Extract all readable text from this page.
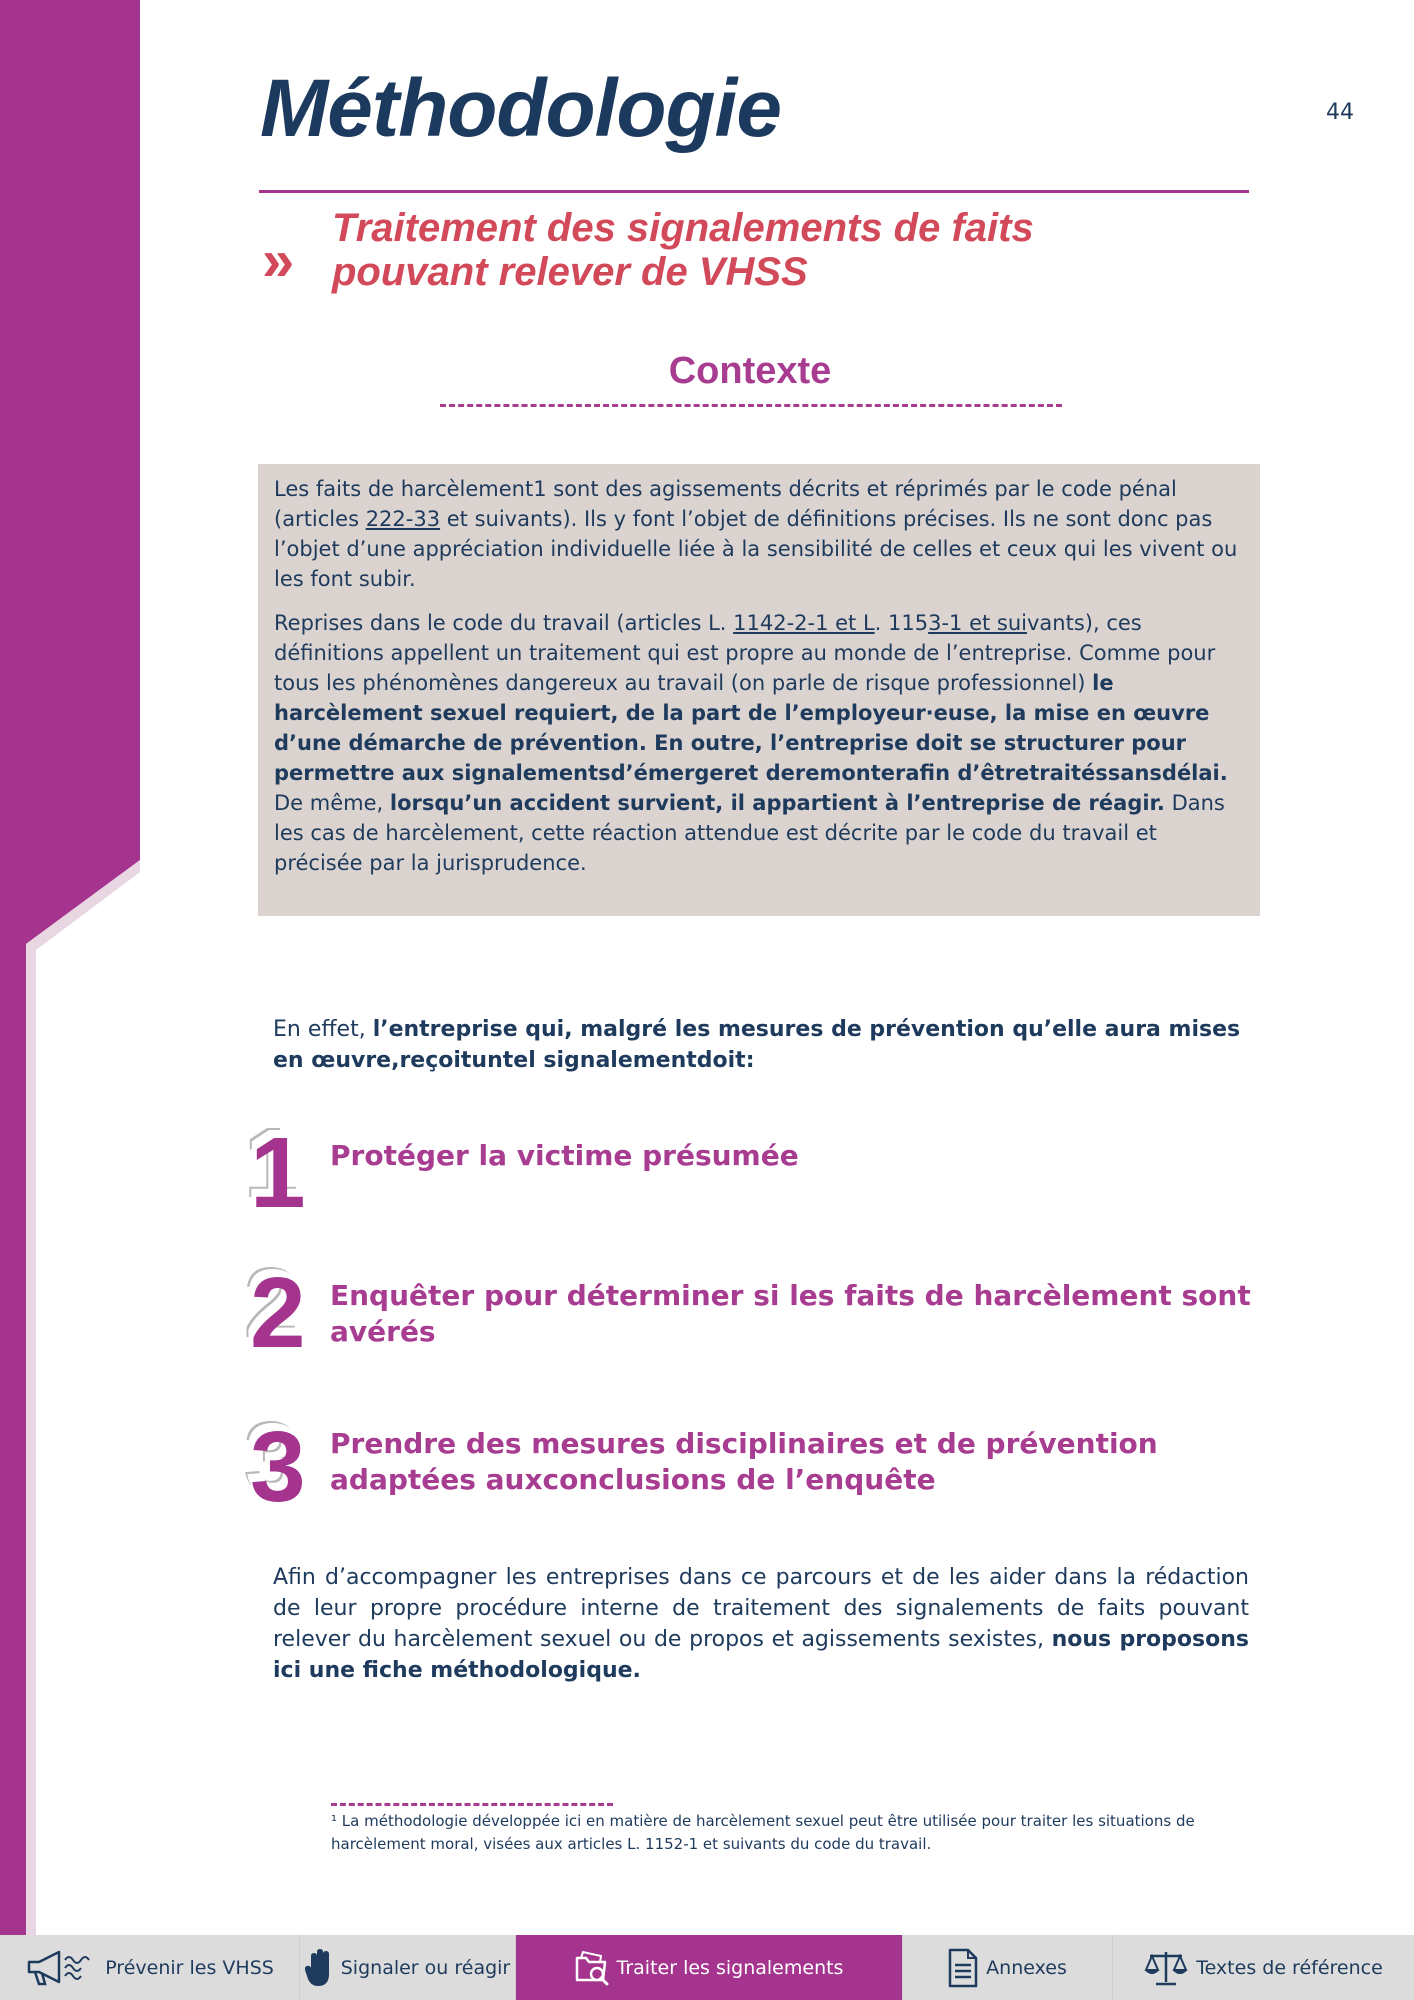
44
Méthodologie
» Traitement des signalements de faits
pouvant relever de VHSS
Contexte

Les faits de harcèlement1 sont des agissements décrits et réprimés par le code pénal (articles 222-33 et suivants). Ils y font l’objet de définitions précises. Ils ne sont donc pas l’objet d’une appréciation individuelle liée à la sensibilité de celles et ceux qui les vivent ou les font subir.

Reprises dans le code du travail (articles L. 1142-2-1 et L. 1153-1 et suivants), ces définitions appellent un traitement qui est propre au monde de l’entreprise. Comme pour tous les phénomènes dangereux au travail (on parle de risque professionnel) le harcèlement sexuel requiert, de la part de l’employeur·euse, la mise en œuvre d’une démarche de prévention. En outre, l’entreprise doit se structurer pour permettre aux signalementsd’émergeret deremonterafin d’êtretraitéssansdélai.

De même, lorsqu’un accident survient, il appartient à l’entreprise de réagir. Dans les cas de harcèlement, cette réaction attendue est décrite par le code du travail et précisée par la jurisprudence.

En effet, l’entreprise qui, malgré les mesures de prévention qu’elle aura mises en œuvre,reçoituntel signalementdoit:

1 Protéger la victime présumée
2 Enquêter pour déterminer si les faits de harcèlement sont avérés
3 Prendre des mesures disciplinaires et de prévention adaptées auxconclusions de l’enquête

Afin d’accompagner les entreprises dans ce parcours et de les aider dans la rédaction de leur propre procédure interne de traitement des signalements de faits pouvant relever du harcèlement sexuel ou de propos et agissements sexistes, nous proposons ici une fiche méthodologique.

¹ La méthodologie développée ici en matière de harcèlement sexuel peut être utilisée pour traiter les situations de harcèlement moral, visées aux articles L. 1152-1 et suivants du code du travail.

Prévenir les VHSS	Signaler ou réagir	Traiter les signalements	Annexes	Textes de référence
